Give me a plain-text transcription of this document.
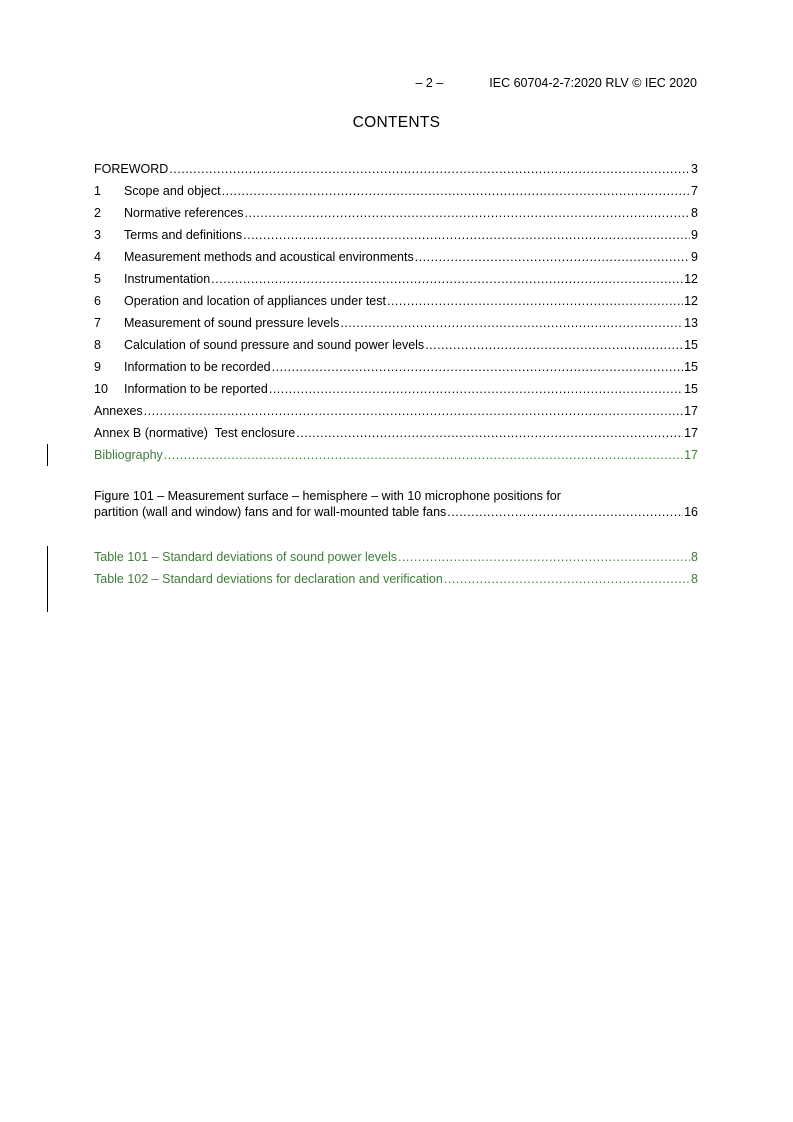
– 2 –	IEC 60704-2-7:2020 RLV © IEC 2020
CONTENTS
FOREWORD .....	3
1	Scope and object .....	7
2	Normative references .....	8
3	Terms and definitions .....	9
4	Measurement methods and acoustical environments .....	9
5	Instrumentation .....	12
6	Operation and location of appliances under test .....	12
7	Measurement of sound pressure levels .....	13
8	Calculation of sound pressure and sound power levels .....	15
9	Information to be recorded .....	15
10	Information to be reported .....	15
Annexes .....	17
Annex B (normative)  Test enclosure .....	17
Bibliography .....	17
Figure 101 – Measurement surface – hemisphere – with 10 microphone positions for
partition (wall and window) fans and for wall-mounted table fans .....	16
Table 101 – Standard deviations of sound power levels .....	8
Table 102 – Standard deviations for declaration and verification .....	8
